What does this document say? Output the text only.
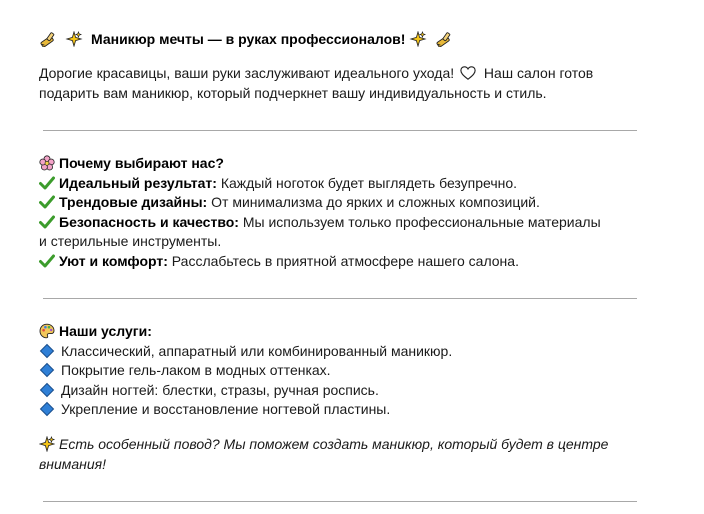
Маникюр мечты — в руках профессионалов!
Дорогие красавицы, ваши руки заслуживают идеального ухода! Наш салон готов
подарить вам маникюр, который подчеркнет вашу индивидуальность и стиль.
Почему выбирают нас?
Идеальный результат: Каждый ноготок будет выглядеть безупречно.
Трендовые дизайны: От минимализма до ярких и сложных композиций.
Безопасность и качество: Мы используем только профессиональные материалы
и стерильные инструменты.
Уют и комфорт: Расслабьтесь в приятной атмосфере нашего салона.
Наши услуги:
Классический, аппаратный или комбинированный маникюр.
Покрытие гель-лаком в модных оттенках.
Дизайн ногтей: блестки, стразы, ручная роспись.
Укрепление и восстановление ногтевой пластины.
Есть особенный повод? Мы поможем создать маникюр, который будет в центре
внимания!
